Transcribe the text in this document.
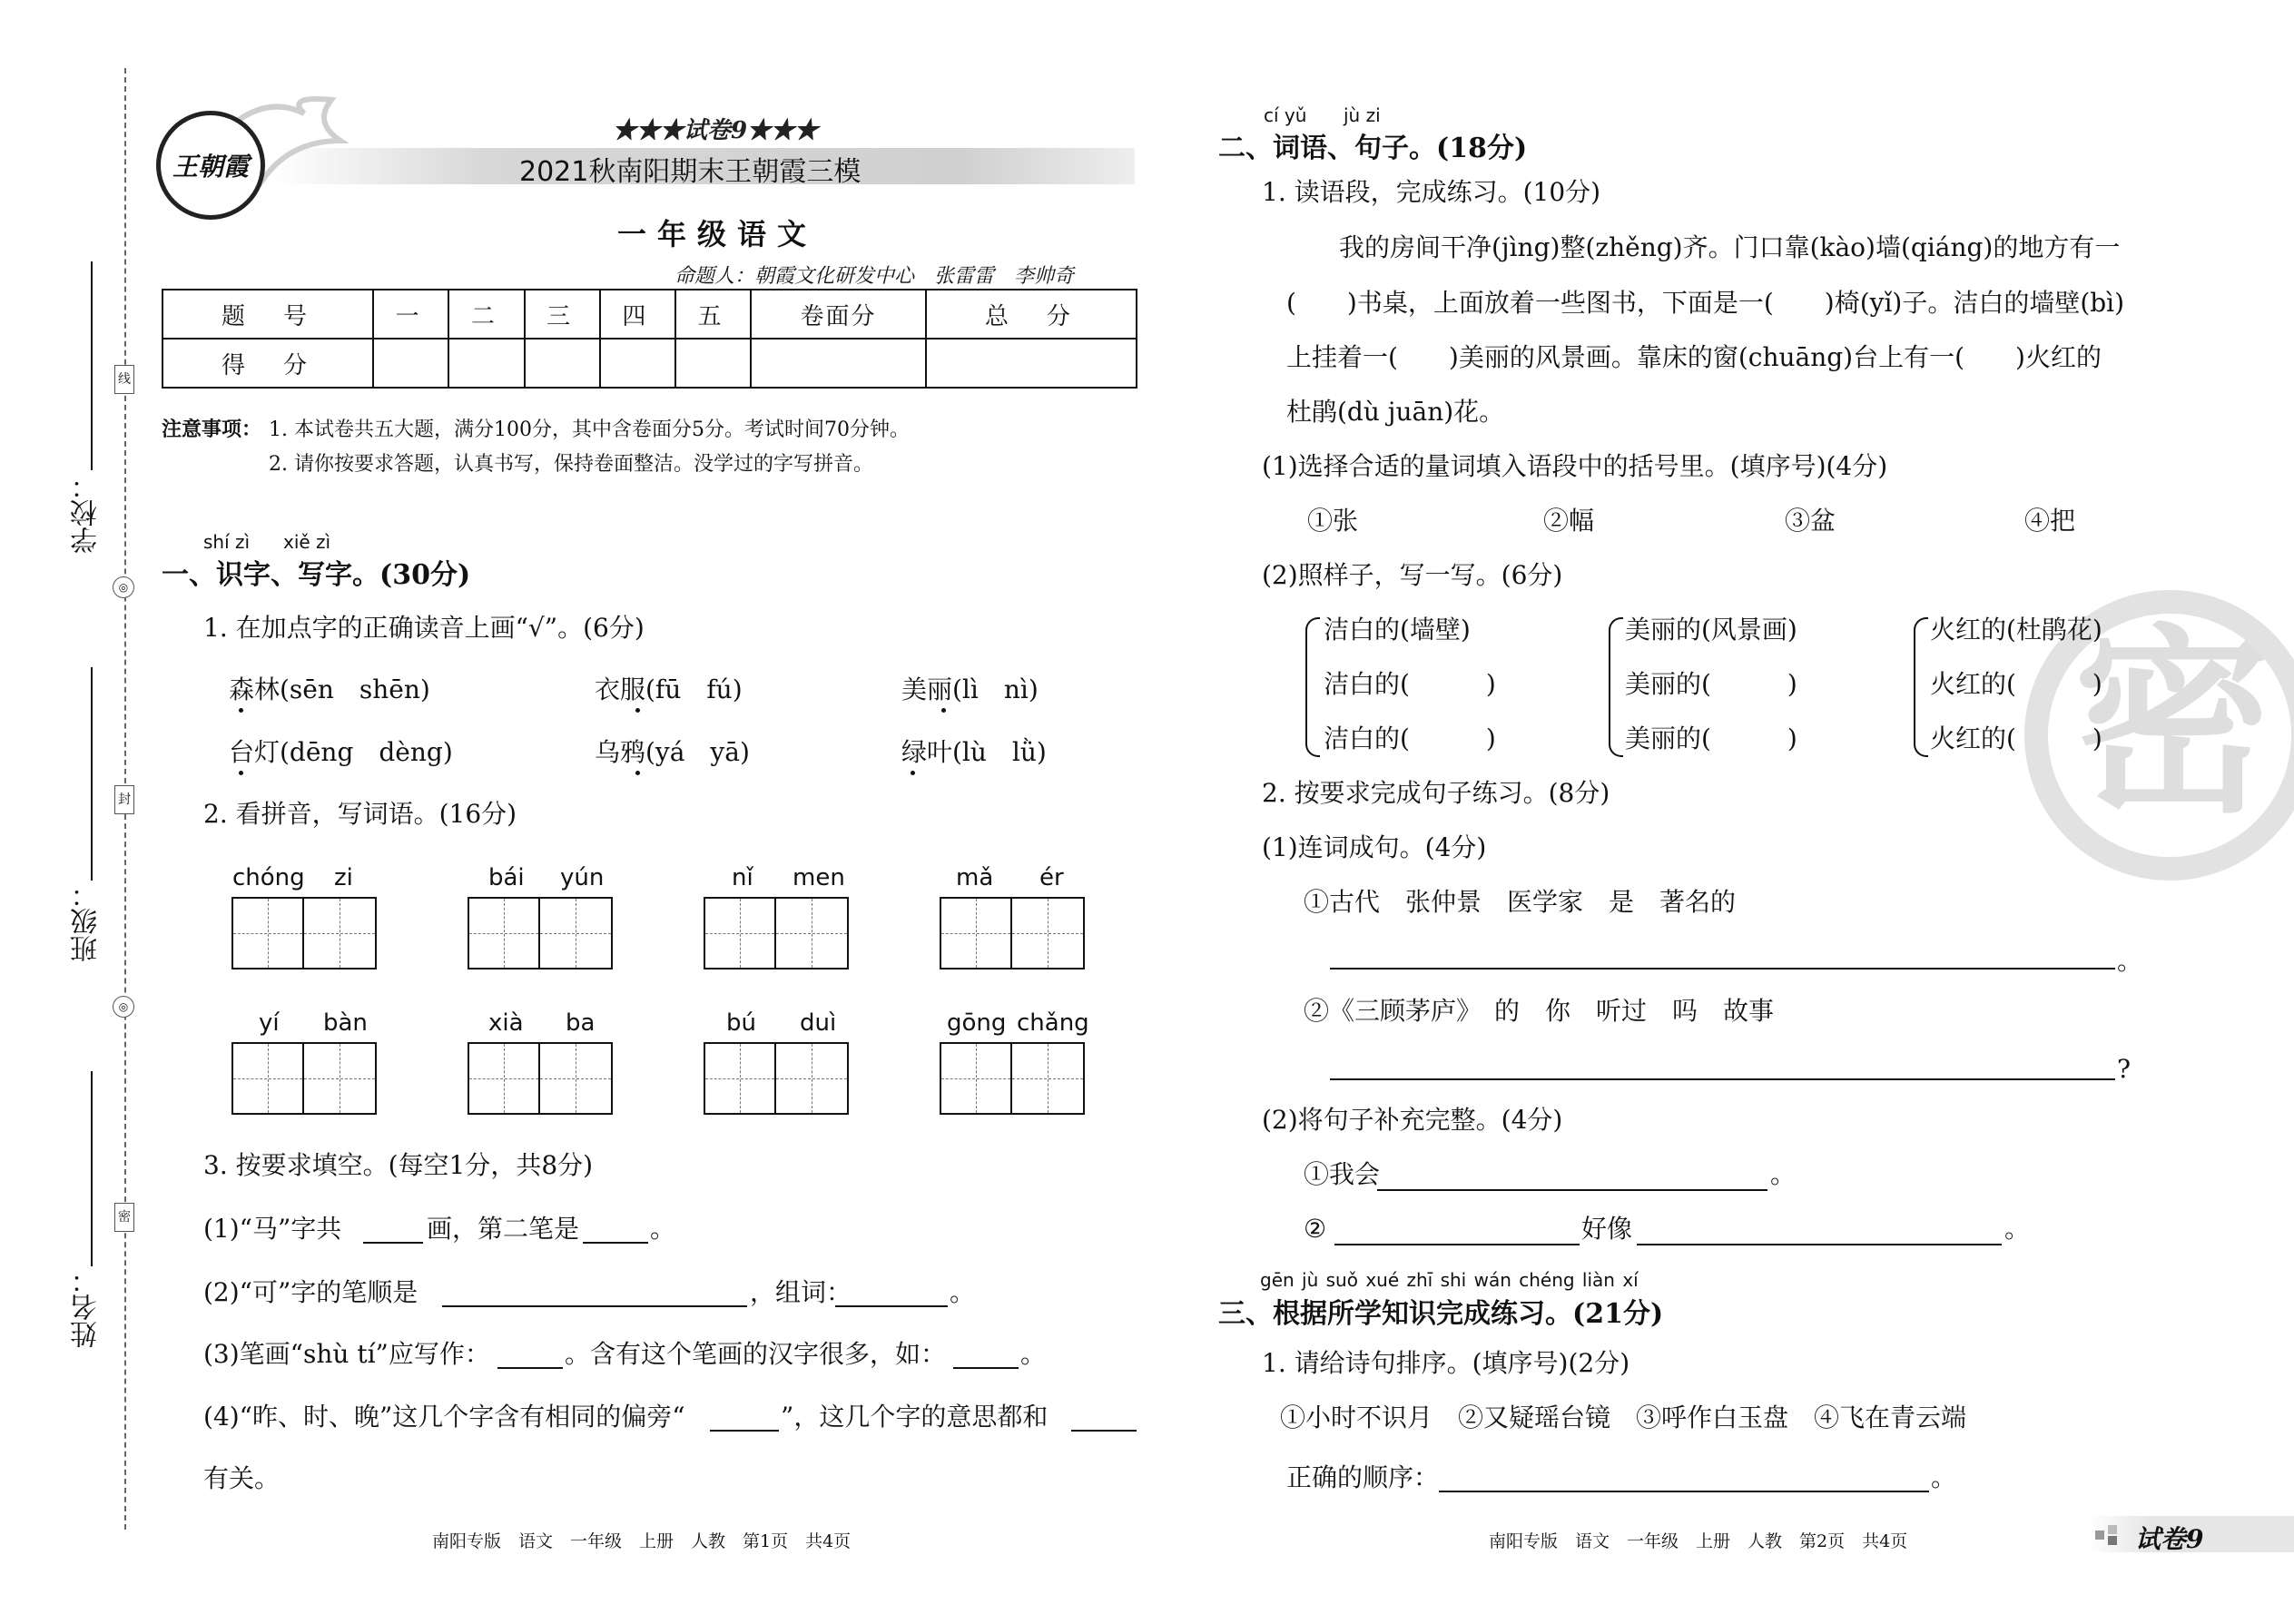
线
封
密
◎
◎
学校：
班级：
姓名：
王朝霞
★★★试卷9★★★
2021秋南阳期末王朝霞三模
一年级语文
命题人：朝霞文化研发中心　张雷雷　李帅奇
题　号	一	二	三	四	五	卷面分	总　分
得　分							
注意事项： 1. 本试卷共五大题，满分100分，其中含卷面分5分。考试时间70分钟。
2. 请你按要求答题，认真书写，保持卷面整洁。没学过的字写拼音。
shí zì xiě zì
一、识字、写字。(30分)
1. 在加点字的正确读音上画“√”。(6分)
森林(sēn　shēn)	衣服(fū　fú)	美丽(lì　nì)
台灯(dēng　dèng)	乌鸦(yá　yā)	绿叶(lù　lǜ)
2. 看拼音，写词语。(16分)
chóng zi	bái yún	nǐ men	mǎ ér
yí bàn	xià ba	bú duì	gōng chǎng
3. 按要求填空。(每空1分，共8分)
(1)“马”字共	画，第二笔是	。
(2)“可”字的笔顺是	，组词：	。
(3)笔画“shù tí”应写作：	。含有这个笔画的汉字很多，如：	。
(4)“昨、时、晚”这几个字含有相同的偏旁“	”，这几个字的意思都和
有关。
南阳专版　语文　一年级　上册　人教　第1页　共4页
密
cí yǔ jù zi
二、词语、句子。(18分)
1. 读语段，完成练习。(10分)
我的房间干净(jìng)整(zhěng)齐。门口靠(kào)墙(qiáng)的地方有一
(　　)书桌，上面放着一些图书，下面是一(　　)椅(yǐ)子。洁白的墙壁(bì)
上挂着一(　　)美丽的风景画。靠床的窗(chuāng)台上有一(　　)火红的
杜鹃(dù juān)花。
(1)选择合适的量词填入语段中的括号里。(填序号)(4分)
①张	②幅	③盆	④把
(2)照样子，写一写。(6分)
洁白的(墙壁)
洁白的(　　　)
洁白的(　　　)
美丽的(风景画)
美丽的(　　　)
美丽的(　　　)
火红的(杜鹃花)
火红的(　　　)
火红的(　　　)
2. 按要求完成句子练习。(8分)
(1)连词成句。(4分)
①古代　张仲景　医学家　是　著名的
。
②《三顾茅庐》　的　你　听过　吗　故事
?
(2)将句子补充完整。(4分)
①我会	。
②	好像	。
gēn jù suǒ xué zhī shi wán chéng liàn xí
三、根据所学知识完成练习。(21分)
1. 请给诗句排序。(填序号)(2分)
①小时不识月　②又疑瑶台镜　③呼作白玉盘　④飞在青云端
正确的顺序：	。
南阳专版　语文　一年级　上册　人教　第2页　共4页	试卷9
